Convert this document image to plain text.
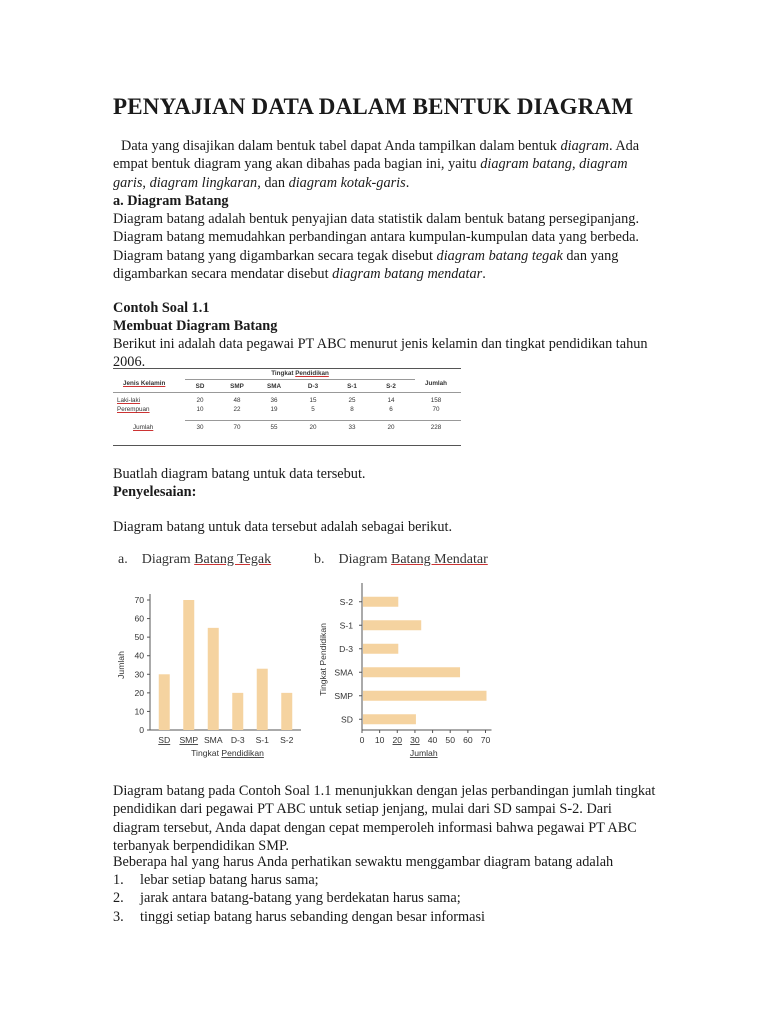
PENYAJIAN DATA DALAM BENTUK DIAGRAM

Data yang disajikan dalam bentuk tabel dapat Anda tampilkan dalam bentuk diagram. Ada empat bentuk diagram yang akan dibahas pada bagian ini, yaitu diagram batang, diagram garis, diagram lingkaran, dan diagram kotak-garis.

a. Diagram Batang

Diagram batang adalah bentuk penyajian data statistik dalam bentuk batang persegipanjang. Diagram batang memudahkan perbandingan antara kumpulan-kumpulan data yang berbeda. Diagram batang yang digambarkan secara tegak disebut diagram batang tegak dan yang digambarkan secara mendatar disebut diagram batang mendatar.

Contoh Soal 1.1

Membuat Diagram Batang

Berikut ini adalah data pegawai PT ABC menurut jenis kelamin dan tingkat pendidikan tahun 2006.

Jenis Kelamin
Tingkat Pendidikan
Jumlah
SD	SMP	SMA	D-3	S-1	S-2
Laki-laki	20	48	36	15	25	14	158
Perempuan	10	22	19	5	8	6	70
Jumlah	30	70	55	20	33	20	228

Buatlah diagram batang untuk data tersebut.

Penyelesaian:

Diagram batang untuk data tersebut adalah sebagai berikut.

a. Diagram Batang Tegak	b. Diagram Batang Mendatar
0
10
20
30
40
50
60
70
SD SMP SMA D-3 S-1 S-2
Tingkat Pendidikan
Jumlah
0 10 20 30 40 50 60 70
SD
SMP
SMA
D-3
S-1
S-2
Jumlah
Tingkat Pendidikan

Diagram batang pada Contoh Soal 1.1 menunjukkan dengan jelas perbandingan jumlah tingkat pendidikan dari pegawai PT ABC untuk setiap jenjang, mulai dari SD sampai S-2. Dari diagram tersebut, Anda dapat dengan cepat memperoleh informasi bahwa pegawai PT ABC terbanyak berpendidikan SMP.

Beberapa hal yang harus Anda perhatikan sewaktu menggambar diagram batang adalah

1. lebar setiap batang harus sama;
2. jarak antara batang-batang yang berdekatan harus sama;
3. tinggi setiap batang harus sebanding dengan besar informasi
